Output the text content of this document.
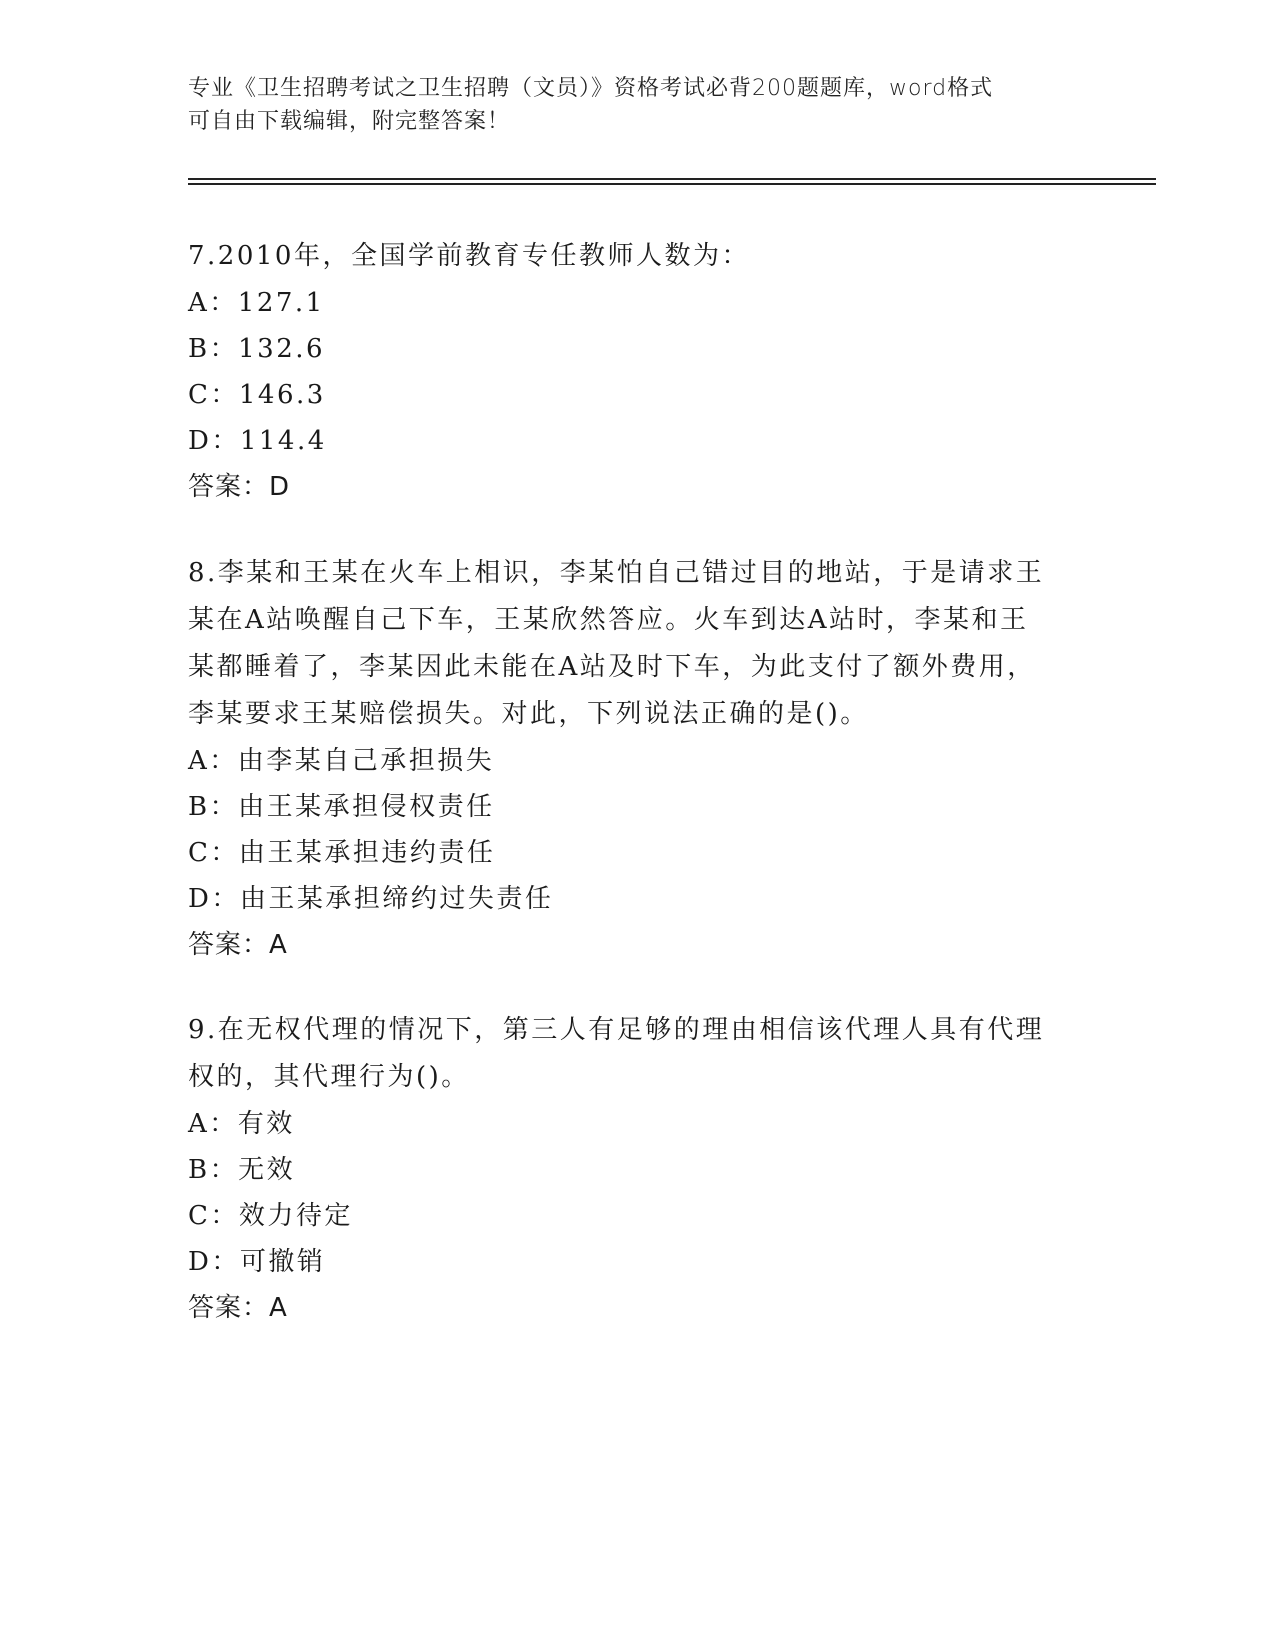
专业《卫生招聘考试之卫生招聘（文员）》资格考试必背200题题库，word格式
可自由下载编辑，附完整答案！

7.2010年，全国学前教育专任教师人数为：

A：127.1

B：132.6

C：146.3

D：114.4

答案：D

8.李某和王某在火车上相识，李某怕自己错过目的地站，于是请求王

某在A站唤醒自己下车，王某欣然答应。火车到达A站时，李某和王

某都睡着了，李某因此未能在A站及时下车，为此支付了额外费用，

李某要求王某赔偿损失。对此，下列说法正确的是()。

A：由李某自己承担损失

B：由王某承担侵权责任

C：由王某承担违约责任

D：由王某承担缔约过失责任

答案：A

9.在无权代理的情况下，第三人有足够的理由相信该代理人具有代理

权的，其代理行为()。

A：有效

B：无效

C：效力待定

D：可撤销

答案：A
